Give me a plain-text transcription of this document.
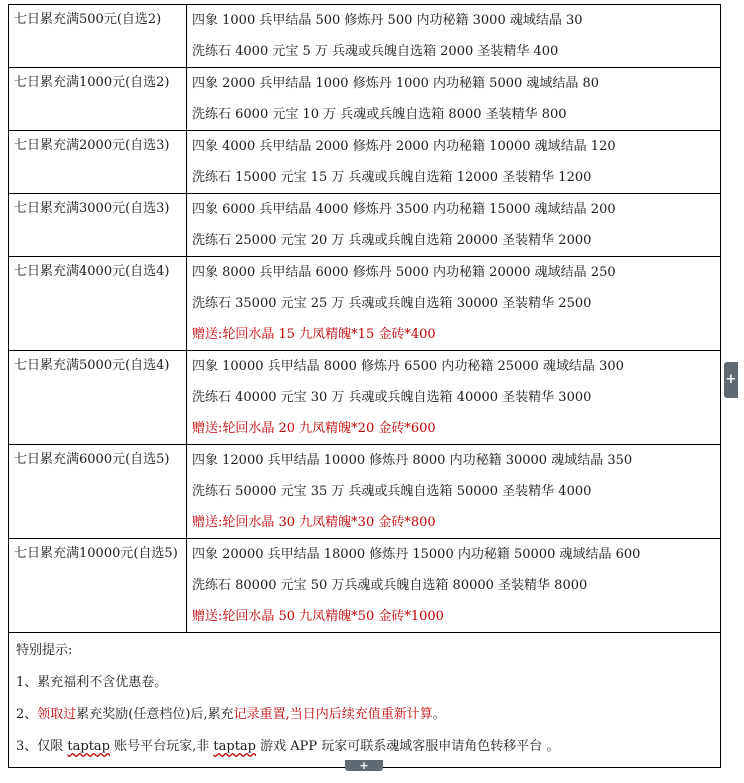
七日累充满500元(自选2)	四象 1000 兵甲结晶 500 修炼丹 500 内功秘籍 3000 魂域结晶 30
洗练石 4000 元宝 5 万 兵魂或兵魄自选箱 2000 圣装精华 400

七日累充满1000元(自选2)	四象 2000 兵甲结晶 1000 修炼丹 1000 内功秘籍 5000 魂域结晶 80
洗练石 6000 元宝 10 万 兵魂或兵魄自选箱 8000 圣装精华 800

七日累充满2000元(自选3)	四象 4000 兵甲结晶 2000 修炼丹 2000 内功秘籍 10000 魂域结晶 120
洗练石 15000 元宝 15 万 兵魂或兵魄自选箱 12000 圣装精华 1200

七日累充满3000元(自选3)	四象 6000 兵甲结晶 4000 修炼丹 3500 内功秘籍 15000 魂域结晶 200
洗练石 25000 元宝 20 万 兵魂或兵魄自选箱 20000 圣装精华 2000

七日累充满4000元(自选4)	四象 8000 兵甲结晶 6000 修炼丹 5000 内功秘籍 20000 魂域结晶 250
洗练石 35000 元宝 25 万 兵魂或兵魄自选箱 30000 圣装精华 2500
赠送:轮回水晶 15 九凤精魄*15 金砖*400

七日累充满5000元(自选4)	四象 10000 兵甲结晶 8000 修炼丹 6500 内功秘籍 25000 魂域结晶 300
洗练石 40000 元宝 30 万 兵魂或兵魄自选箱 40000 圣装精华 3000
赠送:轮回水晶 20 九凤精魄*20 金砖*600

七日累充满6000元(自选5)	四象 12000 兵甲结晶 10000 修炼丹 8000 内功秘籍 30000 魂域结晶 350
洗练石 50000 元宝 35 万 兵魂或兵魄自选箱 50000 圣装精华 4000
赠送:轮回水晶 30 九凤精魄*30 金砖*800

七日累充满10000元(自选5)	四象 20000 兵甲结晶 18000 修炼丹 15000 内功秘籍 50000 魂域结晶 600
洗练石 80000 元宝 50 万兵魂或兵魄自选箱 80000 圣装精华 8000
赠送:轮回水晶 50 九凤精魄*50 金砖*1000

特别提示:
1、累充福利不含优惠卷。
2、领取过累充奖励(任意档位)后,累充记录重置,当日内后续充值重新计算。
3、仅限 taptap 账号平台玩家,非 taptap 游戏 APP 玩家可联系魂域客服申请角色转移平台 。	
+
+
